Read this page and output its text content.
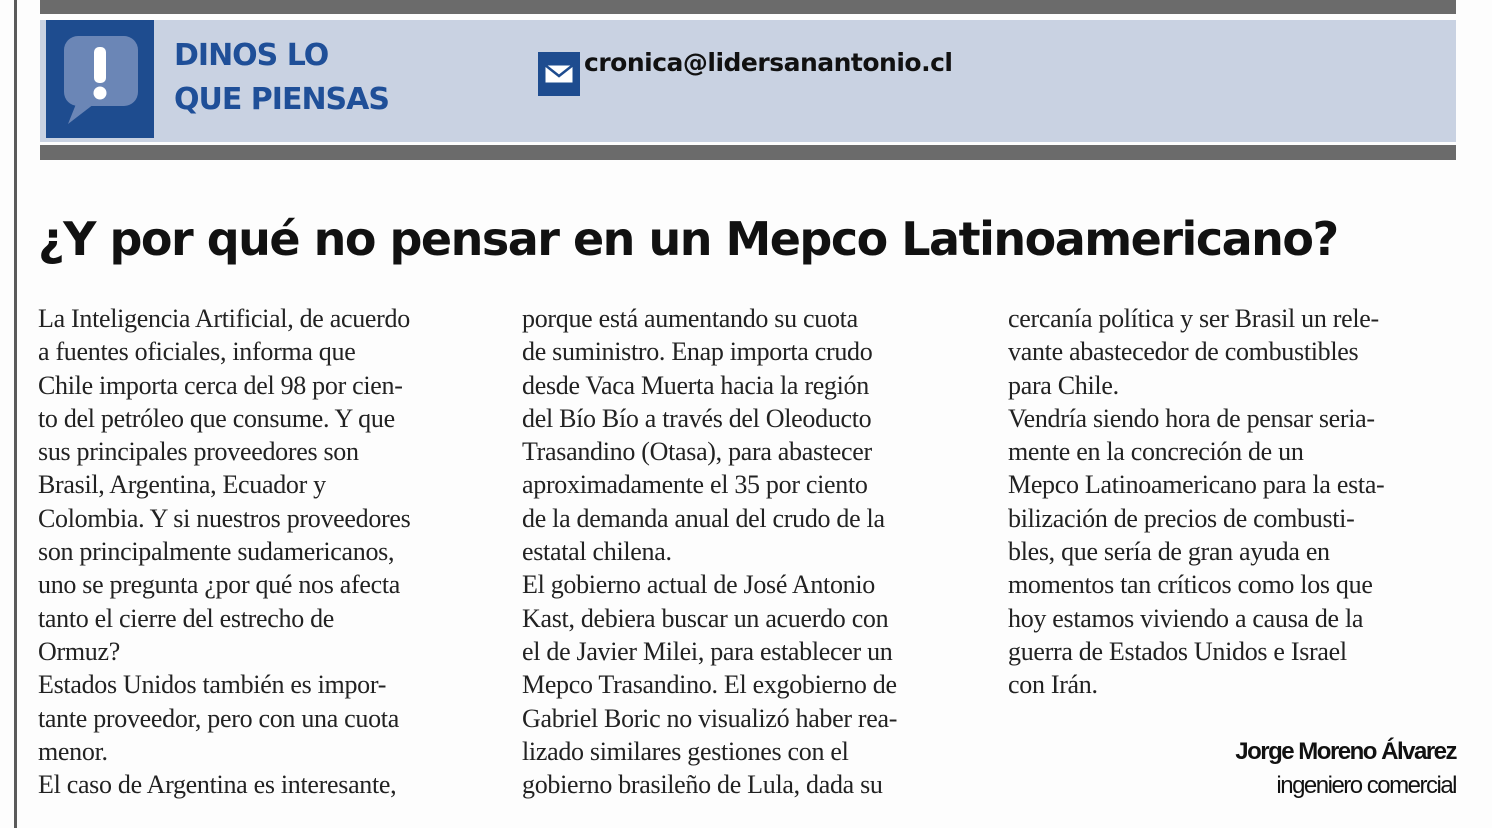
DINOS LO
QUE PIENSAS
cronica@lidersanantonio.cl
¿Y por qué no pensar en un Mepco Latinoamericano?
La Inteligencia Artificial, de acuerdo
a fuentes oficiales, informa que
Chile importa cerca del 98 por cien-
to del petróleo que consume. Y que
sus principales proveedores son
Brasil, Argentina, Ecuador y
Colombia. Y si nuestros proveedores
son principalmente sudamericanos,
uno se pregunta ¿por qué nos afecta
tanto el cierre del estrecho de
Ormuz?
Estados Unidos también es impor-
tante proveedor, pero con una cuota
menor.
El caso de Argentina es interesante,
porque está aumentando su cuota
de suministro. Enap importa crudo
desde Vaca Muerta hacia la región
del Bío Bío a través del Oleoducto
Trasandino (Otasa), para abastecer
aproximadamente el 35 por ciento
de la demanda anual del crudo de la
estatal chilena.
El gobierno actual de José Antonio
Kast, debiera buscar un acuerdo con
el de Javier Milei, para establecer un
Mepco Trasandino. El exgobierno de
Gabriel Boric no visualizó haber rea-
lizado similares gestiones con el
gobierno brasileño de Lula, dada su
cercanía política y ser Brasil un rele-
vante abastecedor de combustibles
para Chile.
Vendría siendo hora de pensar seria-
mente en la concreción de un
Mepco Latinoamericano para la esta-
bilización de precios de combusti-
bles, que sería de gran ayuda en
momentos tan críticos como los que
hoy estamos viviendo a causa de la
guerra de Estados Unidos e Israel
con Irán.
Jorge Moreno Álvarez
ingeniero comercial
